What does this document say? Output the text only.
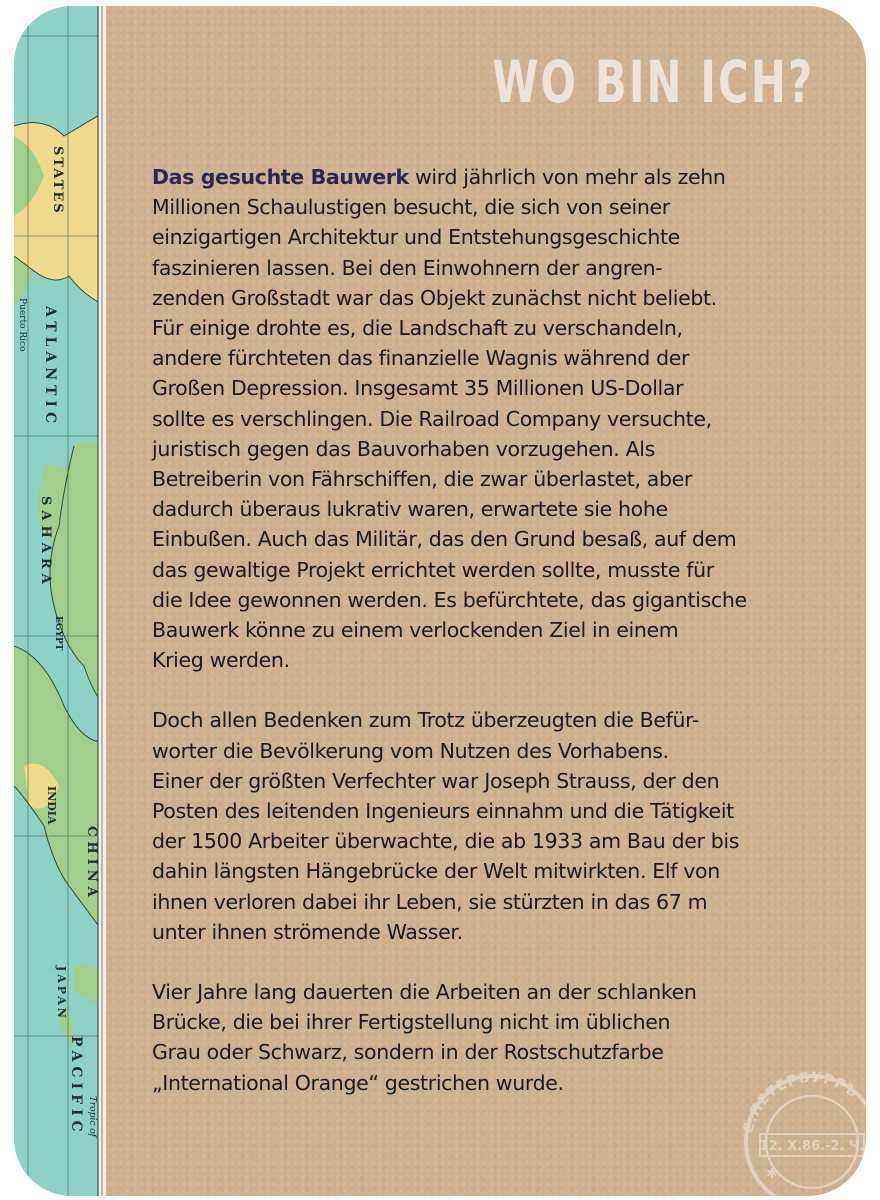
STATES
ATLANTIC
SAHARA
EGYPT
INDIA
CHINA
JAPAN
PACIFIC Tropic of
Puerto Rico
WO BIN ICH?

Das gesuchte Bauwerk wird jährlich von mehr als zehn
Millionen Schaulustigen besucht, die sich von seiner
einzigartigen Architektur und Entstehungsgeschichte
faszinieren lassen. Bei den Einwohnern der angren-
zenden Großstadt war das Objekt zunächst nicht beliebt.
Für einige drohte es, die Landschaft zu verschandeln,
andere fürchteten das finanzielle Wagnis während der
Großen Depression. Insgesamt 35 Millionen US-Dollar
sollte es verschlingen. Die Railroad Company versuchte,
juristisch gegen das Bauvorhaben vorzugehen. Als
Betreiberin von Fährschiffen, die zwar überlastet, aber
dadurch überaus lukrativ waren, erwartete sie hohe
Einbußen. Auch das Militär, das den Grund besaß, auf dem
das gewaltige Projekt errichtet werden sollte, musste für
die Idee gewonnen werden. Es befürchtete, das gigantische
Bauwerk könne zu einem verlockenden Ziel in einem
Krieg werden.

Doch allen Bedenken zum Trotz überzeugten die Befür-
worter die Bevölkerung vom Nutzen des Vorhabens.
Einer der größten Verfechter war Joseph Strauss, der den
Posten des leitenden Ingenieurs einnahm und die Tätigkeit
der 1500 Arbeiter überwachte, die ab 1933 am Bau der bis
dahin längsten Hängebrücke der Welt mitwirkten. Elf von
ihnen verloren dabei ihr Leben, sie stürzten in das 67 m
unter ihnen strömende Wasser.

Vier Jahre lang dauerten die Arbeiten an der schlanken
Brücke, die bei ihrer Fertigstellung nicht im üblichen
Grau oder Schwarz, sondern in der Rostschutzfarbe
„International Orange“ gestrichen wurde.

С.ПЕТЕРБУРГЪ
12. X.86.-2. Ч.
✱
